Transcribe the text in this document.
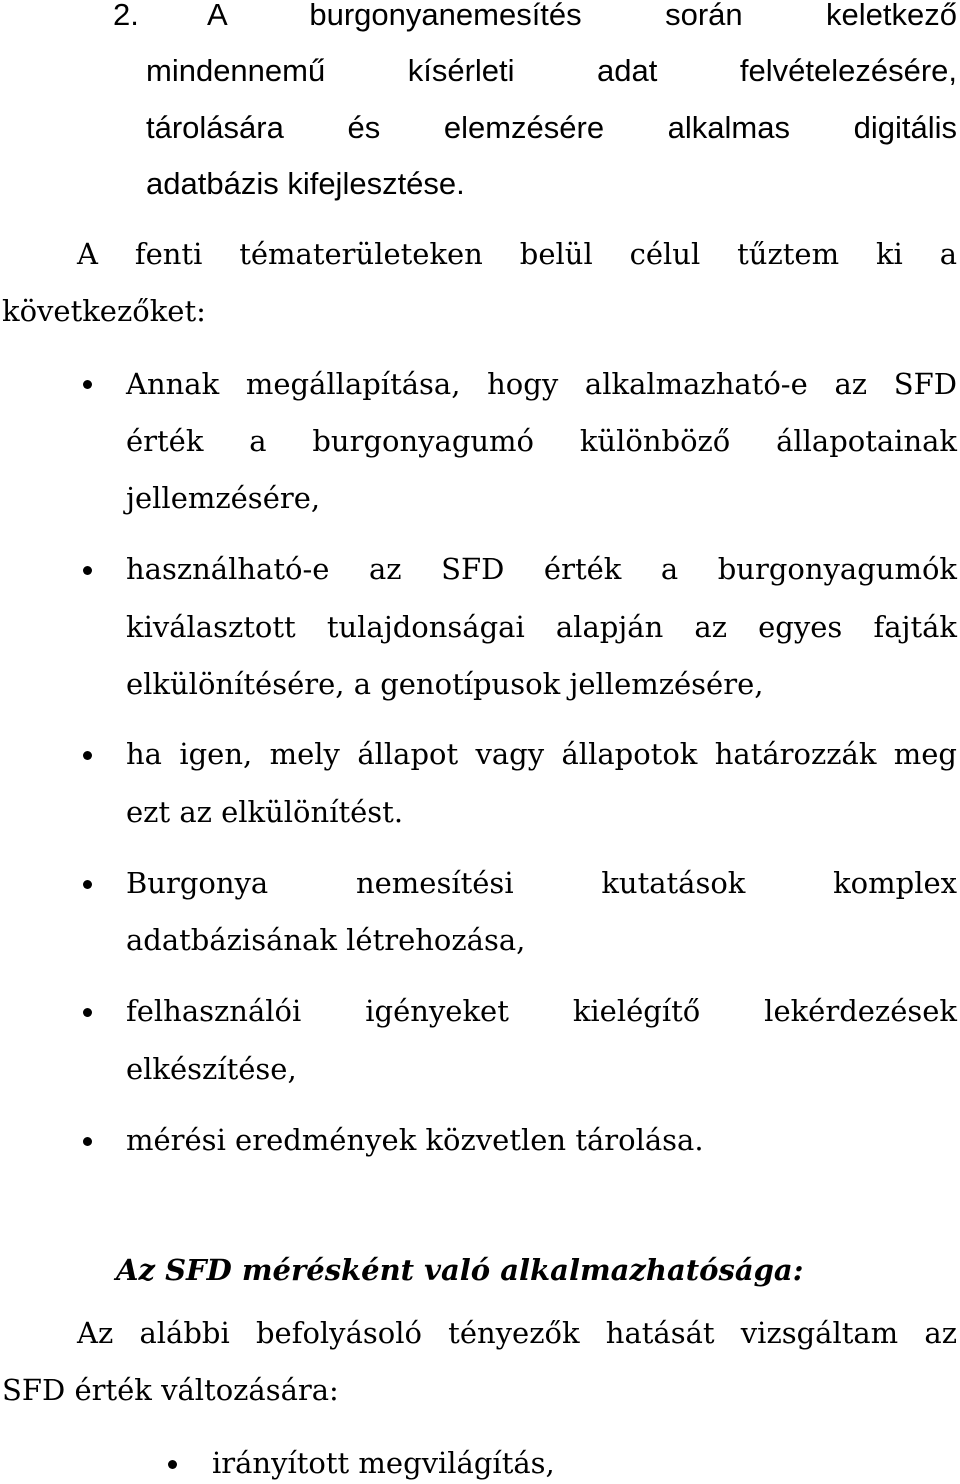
2. A burgonyanemesítés során keletkező
mindennemű kísérleti adat felvételezésére,
tárolására és elemzésére alkalmas digitális
adatbázis kifejlesztése.
A fenti tématerületeken belül célul tűztem ki a
következőket:
Annak megállapítása, hogy alkalmazható-e az SFD
érték a burgonyagumó különböző állapotainak
jellemzésére,
használható-e az SFD érték a burgonyagumók
kiválasztott tulajdonságai alapján az egyes fajták
elkülönítésére, a genotípusok jellemzésére,
ha igen, mely állapot vagy állapotok határozzák meg
ezt az elkülönítést.
Burgonya nemesítési kutatások komplex
adatbázisának létrehozása,
felhasználói igényeket kielégítő lekérdezések
elkészítése,
mérési eredmények közvetlen tárolása.
Az SFD mérésként való alkalmazhatósága:
Az alábbi befolyásoló tényezők hatását vizsgáltam az
SFD érték változására:
irányított megvilágítás,
